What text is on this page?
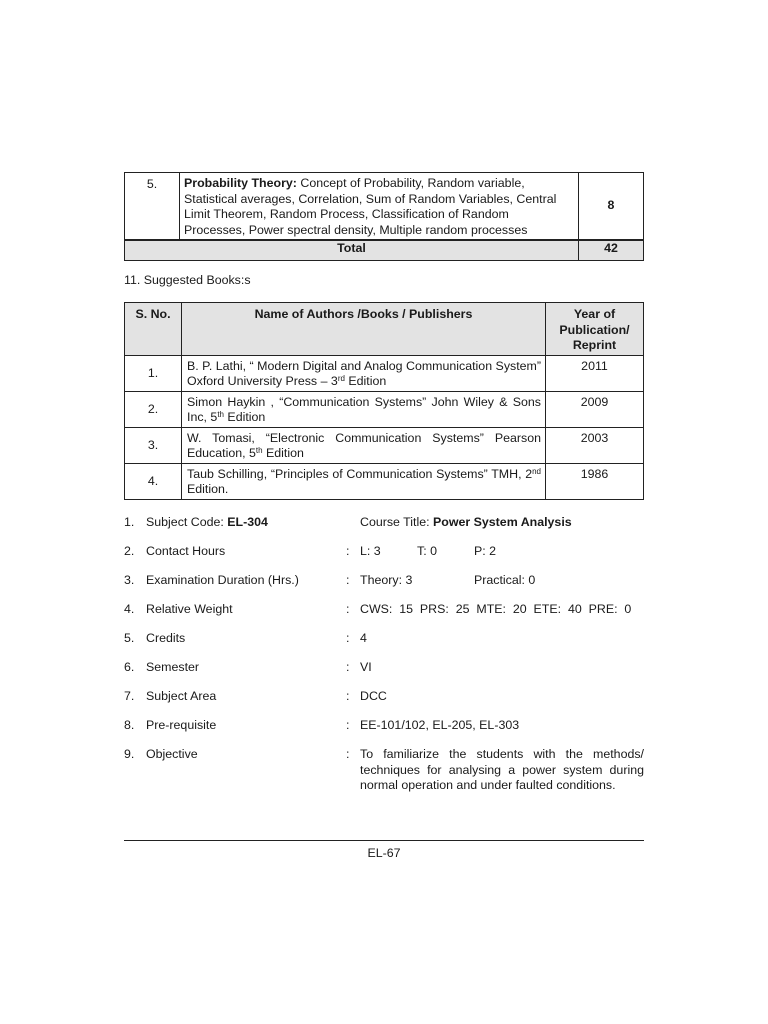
5.	Probability Theory: Concept of Probability, Random variable, Statistical averages, Correlation, Sum of Random Variables, Central Limit Theorem, Random Process, Classification of Random Processes, Power spectral density, Multiple random processes	8
Total		42
11. Suggested Books:s
S. No.	Name of Authors /Books / Publishers	Year of Publication/ Reprint
1.	B. P. Lathi, “ Modern Digital and Analog Communication System” Oxford University Press – 3rd Edition	2011
2.	Simon Haykin , “Communication Systems” John Wiley & Sons Inc, 5th Edition	2009
3.	W. Tomasi, “Electronic Communication Systems” Pearson Education, 5th Edition	2003
4.	Taub Schilling, “Principles of Communication Systems” TMH, 2nd Edition.	1986
1. Subject Code: EL-304	Course Title: Power System Analysis
2. Contact Hours	: L: 3	T: 0	P: 2
3. Examination Duration (Hrs.)	: Theory: 3	Practical: 0
4. Relative Weight	: CWS:  15  PRS:  25  MTE:  20  ETE:  40  PRE:  0
5. Credits	: 4
6. Semester	: VI
7. Subject Area	: DCC
8. Pre-requisite	: EE-101/102, EL-205, EL-303
9. Objective	: To familiarize the students with the methods/ techniques for analysing a power system during normal operation and under faulted conditions.
EL-67
